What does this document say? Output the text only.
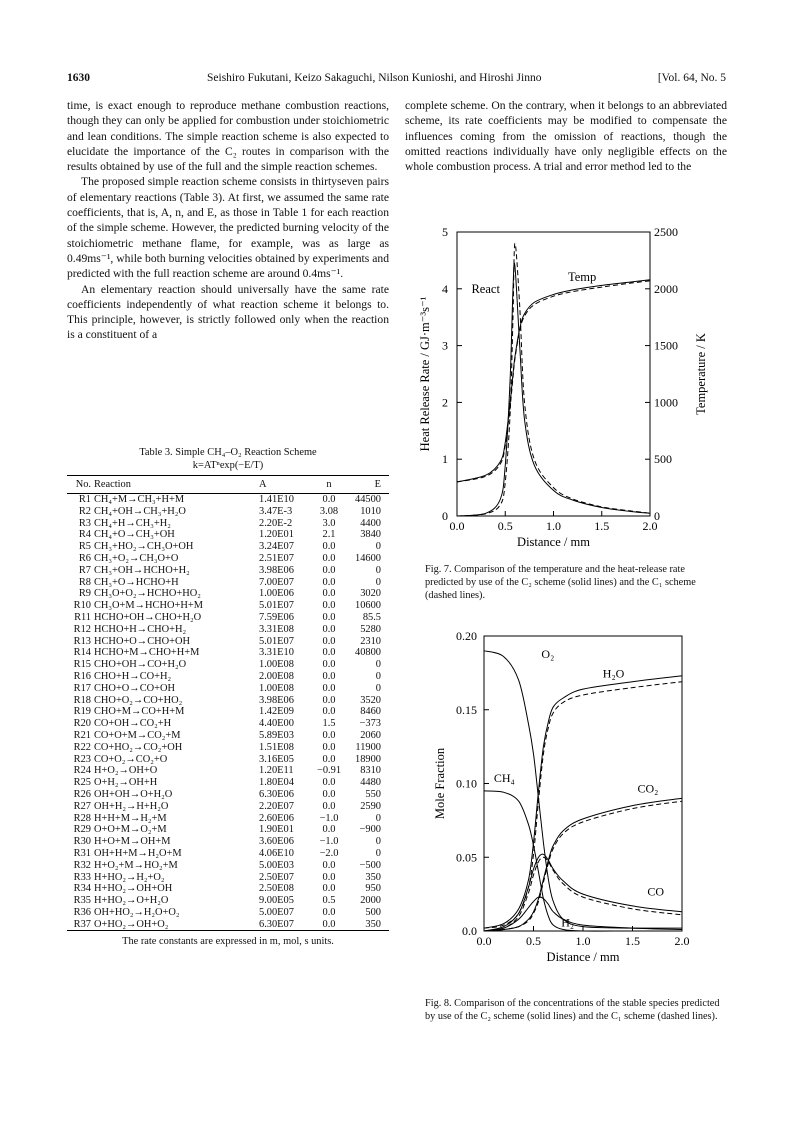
1630	Seishiro Fukutani, Keizo Sakaguchi, Nilson Kunioshi, and Hiroshi Jinno	[Vol. 64, No. 5

time, is exact enough to reproduce methane combustion reactions, though they can only be applied for combustion under stoichiometric and lean conditions. The simple reaction scheme is also expected to elucidate the importance of the C₂ routes in comparison with the results obtained by use of the full and the simple reaction schemes.

The proposed simple reaction scheme consists in thirtyseven pairs of elementary reactions (Table 3). At first, we assumed the same rate coefficients, that is, A, n, and E, as those in Table 1 for each reaction of the simple scheme. However, the predicted burning velocity of the stoichiometric methane flame, for example, was as large as 0.49ms⁻¹, while both burning velocities obtained by experiments and predicted with the full reaction scheme are around 0.4ms⁻¹.

An elementary reaction should universally have the same rate coefficients independently of what reaction scheme it belongs to. This principle, however, is strictly followed only when the reaction is a constituent of a

complete scheme. On the contrary, when it belongs to an abbreviated scheme, its rate coefficients may be modified to compensate the influences coming from the omission of reactions, though the omitted reactions individually have only negligible effects on the whole combustion process. A trial and error method led to the

Table 3. Simple CH₄–O₂ Reaction Scheme
k=ATⁿexp(−E/T)
No.	Reaction	A	n	E
R1	CH₄+M→CH₃+H+M	1.41E10	0.0	44500
R2	CH₄+OH→CH₃+H₂O	3.47E-3	3.08	1010
R3	CH₄+H→CH₃+H₂	2.20E-2	3.0	4400
R4	CH₄+O→CH₃+OH	1.20E01	2.1	3840
R5	CH₃+HO₂→CH₃O+OH	3.24E07	0.0	0
R6	CH₃+O₂→CH₃O+O	2.51E07	0.0	14600
R7	CH₃+OH→HCHO+H₂	3.98E06	0.0	0
R8	CH₃+O→HCHO+H	7.00E07	0.0	0
R9	CH₃O+O₂→HCHO+HO₂	1.00E06	0.0	3020
R10	CH₃O+M→HCHO+H+M	5.01E07	0.0	10600
R11	HCHO+OH→CHO+H₂O	7.59E06	0.0	85.5
R12	HCHO+H→CHO+H₂	3.31E08	0.0	5280
R13	HCHO+O→CHO+OH	5.01E07	0.0	2310
R14	HCHO+M→CHO+H+M	3.31E10	0.0	40800
R15	CHO+OH→CO+H₂O	1.00E08	0.0	0
R16	CHO+H→CO+H₂	2.00E08	0.0	0
R17	CHO+O→CO+OH	1.00E08	0.0	0
R18	CHO+O₂→CO+HO₂	3.98E06	0.0	3520
R19	CHO+M→CO+H+M	1.42E09	0.0	8460
R20	CO+OH→CO₂+H	4.40E00	1.5	−373
R21	CO+O+M→CO₂+M	5.89E03	0.0	2060
R22	CO+HO₂→CO₂+OH	1.51E08	0.0	11900
R23	CO+O₂→CO₂+O	3.16E05	0.0	18900
R24	H+O₂→OH+O	1.20E11	−0.91	8310
R25	O+H₂→OH+H	1.80E04	0.0	4480
R26	OH+OH→O+H₂O	6.30E06	0.0	550
R27	OH+H₂→H+H₂O	2.20E07	0.0	2590
R28	H+H+M→H₂+M	2.60E06	−1.0	0
R29	O+O+M→O₂+M	1.90E01	0.0	−900
R30	H+O+M→OH+M	3.60E06	−1.0	0
R31	OH+H+M→H₂O+M	4.06E10	−2.0	0
R32	H+O₂+M→HO₂+M	5.00E03	0.0	−500
R33	H+HO₂→H₂+O₂	2.50E07	0.0	350
R34	H+HO₂→OH+OH	2.50E08	0.0	950
R35	H+HO₂→O+H₂O	9.00E05	0.5	2000
R36	OH+HO₂→H₂O+O₂	5.00E07	0.0	500
R37	O+HO₂→OH+O₂	6.30E07	0.0	350
The rate constants are expressed in m, mol, s units.
0.0	0.5	1.0	1.5	2.0
0
1
2
3
4
5
0
500
1000
1500
2000
2500
Distance / mm
Heat Release Rate / GJ·m⁻³s⁻¹	Temperature / K
React
Temp
Fig. 7. Comparison of the temperature and the heat-release rate predicted by use of the C₂ scheme (solid lines) and the C₁ scheme (dashed lines).
0.0	0.5	1.0	1.5	2.0
0.0
0.05
0.10
0.15
0.20
Distance / mm
Mole Fraction
O₂
H₂O
CH₄
CO₂
CO
H₂
Fig. 8. Comparison of the concentrations of the stable species predicted by use of the C₂ scheme (solid lines) and the C₁ scheme (dashed lines).
